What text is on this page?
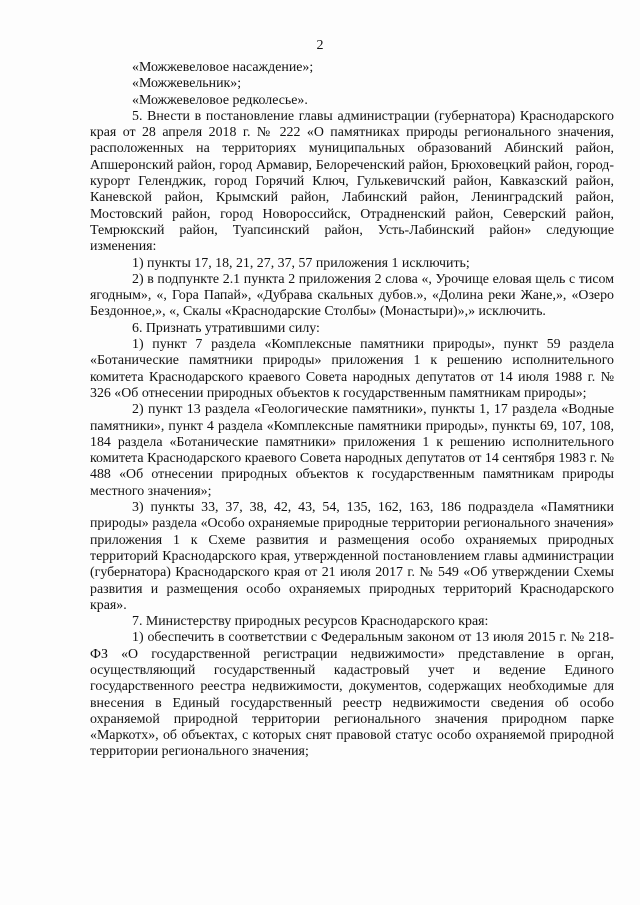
2

«Можжевеловое насаждение»;

«Можжевельник»;

«Можжевеловое редколесье».

5. Внести в постановление главы администрации (губернатора) Краснодарского края от 28 апреля 2018 г. № 222 «О памятниках природы регионального значения, расположенных на территориях муниципальных образований Абинский район, Апшеронский район, город Армавир, Белореченский район, Брюховецкий район, город-курорт Геленджик, город Горячий Ключ, Гулькевичский район, Кавказский район, Каневской район, Крымский район, Лабинский район, Ленинградский район, Мостовский район, город Новороссийск, Отрадненский район, Северский район, Темрюкский район, Туапсинский район, Усть-Лабинский район» следующие изменения:

1) пункты 17, 18, 21, 27, 37, 57 приложения 1 исключить;

2) в подпункте 2.1 пункта 2 приложения 2 слова «, Урочище еловая щель с тисом ягодным», «, Гора Папай», «Дубрава скальных дубов.», «Долина реки Жане,», «Озеро Бездонное,», «, Скалы «Краснодарские Столбы» (Монастыри)»,» исключить.

6. Признать утратившими силу:

1) пункт 7 раздела «Комплексные памятники природы», пункт 59 раздела «Ботанические памятники природы» приложения 1 к решению исполнительного комитета Краснодарского краевого Совета народных депутатов от 14 июля 1988 г. № 326 «Об отнесении природных объектов к государственным памятникам природы»;

2) пункт 13 раздела «Геологические памятники», пункты 1, 17 раздела «Водные памятники», пункт 4 раздела «Комплексные памятники природы», пункты 69, 107, 108, 184 раздела «Ботанические памятники» приложения 1 к решению исполнительного комитета Краснодарского краевого Совета народных депутатов от 14 сентября 1983 г. № 488 «Об отнесении природных объектов к государственным памятникам природы местного значения»;

3) пункты 33, 37, 38, 42, 43, 54, 135, 162, 163, 186 подраздела «Памятники природы» раздела «Особо охраняемые природные территории регионального значения» приложения 1 к Схеме развития и размещения особо охраняемых природных территорий Краснодарского края, утвержденной постановлением главы администрации (губернатора) Краснодарского края от 21 июля 2017 г. № 549 «Об утверждении Схемы развития и размещения особо охраняемых природных территорий Краснодарского края».

7. Министерству природных ресурсов Краснодарского края:

1) обеспечить в соответствии с Федеральным законом от 13 июля 2015 г. № 218-ФЗ «О государственной регистрации недвижимости» представление в орган, осуществляющий государственный кадастровый учет и ведение Единого государственного реестра недвижимости, документов, содержащих необходимые для внесения в Единый государственный реестр недвижимости сведения об особо охраняемой природной территории регионального значения природном парке «Маркотх», об объектах, с которых снят правовой статус особо охраняемой природной территории регионального значения;
